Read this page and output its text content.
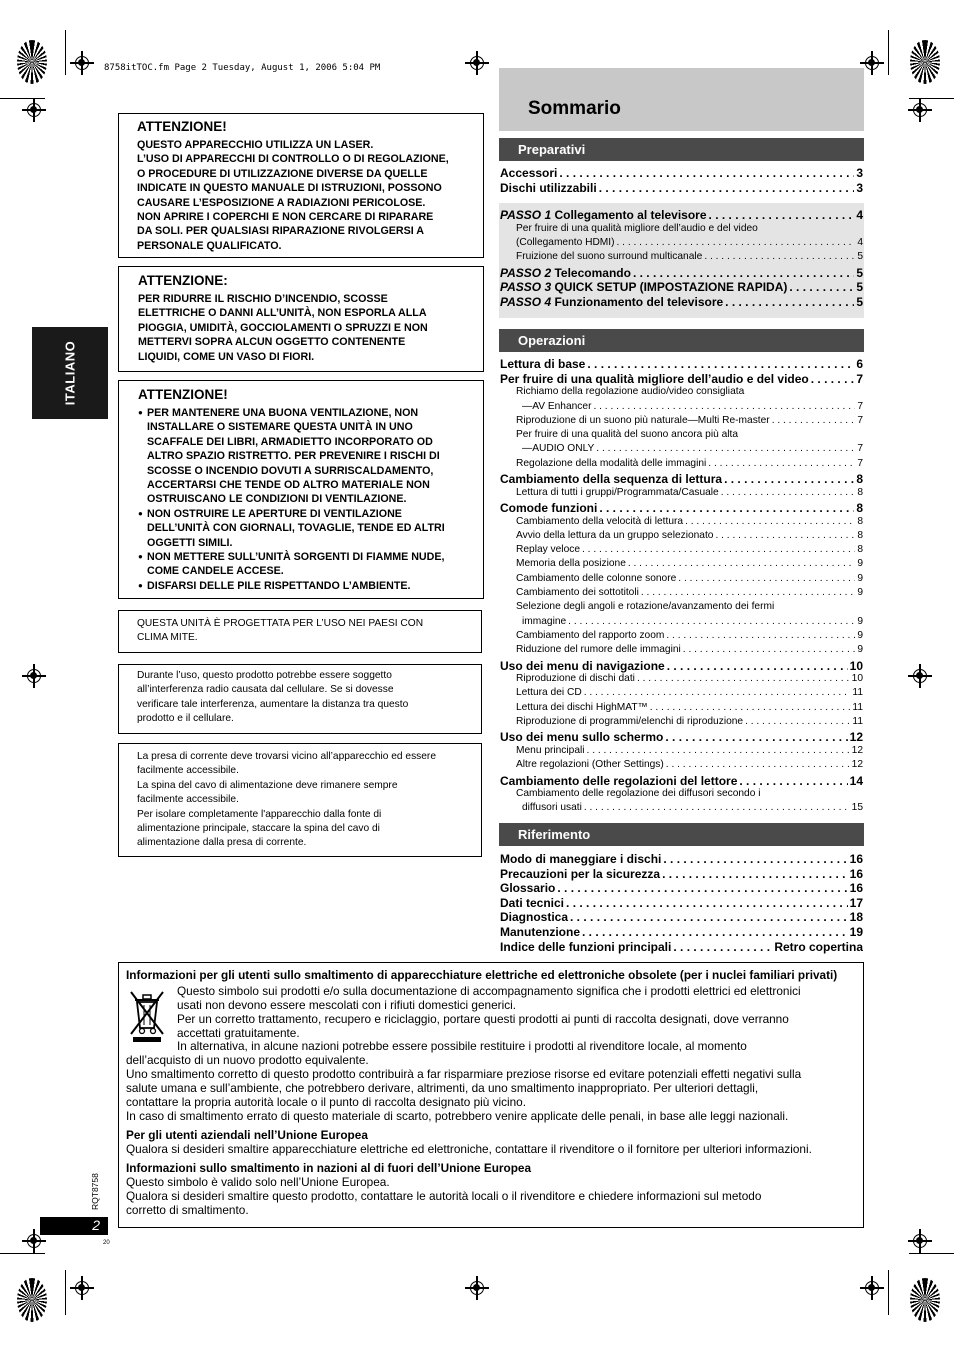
8758itTOC.fm Page 2 Tuesday, August 1, 2006 5:04 PM
ITALIANO
ATTENZIONE!
QUESTO APPARECCHIO UTILIZZA UN LASER.
L’USO DI APPARECCHI DI CONTROLLO O DI REGOLAZIONE,
O PROCEDURE DI UTILIZZAZIONE DIVERSE DA QUELLE
INDICATE IN QUESTO MANUALE DI ISTRUZIONI, POSSONO
CAUSARE L’ESPOSIZIONE A RADIAZIONI PERICOLOSE.
NON APRIRE I COPERCHI E NON CERCARE DI RIPARARE
DA SOLI. PER QUALSIASI RIPARAZIONE RIVOLGERSI A
PERSONALE QUALIFICATO.
ATTENZIONE:
PER RIDURRE IL RISCHIO D’INCENDIO, SCOSSE
ELETTRICHE O DANNI ALL’UNITÀ, NON ESPORLA ALLA
PIOGGIA, UMIDITÀ, GOCCIOLAMENTI O SPRUZZI E NON
METTERVI SOPRA ALCUN OGGETTO CONTENENTE
LIQUIDI, COME UN VASO DI FIORI.
ATTENZIONE!
● PER MANTENERE UNA BUONA VENTILAZIONE, NON
INSTALLARE O SISTEMARE QUESTA UNITÀ IN UNO
SCAFFALE DEI LIBRI, ARMADIETTO INCORPORATO OD
ALTRO SPAZIO RISTRETTO. PER PREVENIRE I RISCHI DI
SCOSSE O INCENDIO DOVUTI A SURRISCALDAMENTO,
ACCERTARSI CHE TENDE OD ALTRO MATERIALE NON
OSTRUISCANO LE CONDIZIONI DI VENTILAZIONE.
● NON OSTRUIRE LE APERTURE DI VENTILAZIONE
DELL’UNITÀ CON GIORNALI, TOVAGLIE, TENDE ED ALTRI
OGGETTI SIMILI.
● NON METTERE SULL’UNITÀ SORGENTI DI FIAMME NUDE,
COME CANDELE ACCESE.
● DISFARSI DELLE PILE RISPETTANDO L’AMBIENTE.
QUESTA UNITÀ È PROGETTATA PER L’USO NEI PAESI CON
CLIMA MITE.
Durante l’uso, questo prodotto potrebbe essere soggetto
all’interferenza radio causata dal cellulare. Se si dovesse
verificare tale interferenza, aumentare la distanza tra questo
prodotto e il cellulare.
La presa di corrente deve trovarsi vicino all’apparecchio ed essere
facilmente accessibile.
La spina del cavo di alimentazione deve rimanere sempre
facilmente accessibile.
Per isolare completamente l'apparecchio dalla fonte di
alimentazione principale, staccare la spina del cavo di
alimentazione dalla presa di corrente.
Sommario
Preparativi
Operazioni
Riferimento
Accessori . . .	3
Dischi utilizzabili . . .	3
PASSO 1 Collegamento al televisore . . .	4
Per fruire di una qualità migliore dell’audio e del video
(Collegamento HDMI) . . .	4
Fruizione del suono surround multicanale . . .	5
PASSO 2 Telecomando . . .	5
PASSO 3 QUICK SETUP (IMPOSTAZIONE RAPIDA) . . .	5
PASSO 4 Funzionamento del televisore . . .	5
Lettura di base . . .	6
Per fruire di una qualità migliore dell’audio e del video . . .	7
Richiamo della regolazione audio/video consigliata
—AV Enhancer . . .	7
Riproduzione di un suono più naturale—Multi Re-master . . .	7
Per fruire di una qualità del suono ancora più alta
—AUDIO ONLY . . .	7
Regolazione della modalità delle immagini . . .	7
Cambiamento della sequenza di lettura . . .	8
Lettura di tutti i gruppi/Programmata/Casuale . . .	8
Comode funzioni . . .	8
Cambiamento della velocità di lettura . . .	8
Avvio della lettura da un gruppo selezionato . . .	8
Replay veloce . . .	8
Memoria della posizione . . .	9
Cambiamento delle colonne sonore . . .	9
Cambiamento dei sottotitoli . . .	9
Selezione degli angoli e rotazione/avanzamento dei fermi
immagine . . .	9
Cambiamento del rapporto zoom . . .	9
Riduzione del rumore delle immagini . . .	9
Uso dei menu di navigazione . . .	10
Riproduzione di dischi dati . . .	10
Lettura dei CD . . .	11
Lettura dei dischi HighMAT™ . . .	11
Riproduzione di programmi/elenchi di riproduzione . . .	11
Uso dei menu sullo schermo . . .	12
Menu principali . . .	12
Altre regolazioni (Other Settings) . . .	12
Cambiamento delle regolazioni del lettore . . .	14
Cambiamento delle regolazione dei diffusori secondo i
diffusori usati . . .	15
Modo di maneggiare i dischi . . .	16
Precauzioni per la sicurezza . . .	16
Glossario . . .	16
Dati tecnici . . .	17
Diagnostica . . .	18
Manutenzione . . .	19
Indice delle funzioni principali . . .	Retro copertina
Informazioni per gli utenti sullo smaltimento di apparecchiature elettriche ed elettroniche obsolete (per i nuclei familiari privati)
Questo simbolo sui prodotti e/o sulla documentazione di accompagnamento significa che i prodotti elettrici ed elettronici
usati non devono essere mescolati con i rifiuti domestici generici.
Per un corretto trattamento, recupero e riciclaggio, portare questi prodotti ai punti di raccolta designati, dove verranno
accettati gratuitamente.
In alternativa, in alcune nazioni potrebbe essere possibile restituire i prodotti al rivenditore locale, al momento
dell’acquisto di un nuovo prodotto equivalente.
Uno smaltimento corretto di questo prodotto contribuirà a far risparmiare preziose risorse ed evitare potenziali effetti negativi sulla
salute umana e sull’ambiente, che potrebbero derivare, altrimenti, da uno smaltimento inappropriato. Per ulteriori dettagli,
contattare la propria autorità locale o il punto di raccolta designato più vicino.
In caso di smaltimento errato di questo materiale di scarto, potrebbero venire applicate delle penali, in base alle leggi nazionali.
Per gli utenti aziendali nell’Unione Europea
Qualora si desideri smaltire apparecchiature elettriche ed elettroniche, contattare il rivenditore o il fornitore per ulteriori informazioni.
Informazioni sullo smaltimento in nazioni al di fuori dell’Unione Europea
Questo simbolo è valido solo nell’Unione Europea.
Qualora si desideri smaltire questo prodotto, contattare le autorità locali o il rivenditore e chiedere informazioni sul metodo
corretto di smaltimento.
RQT8758
2
20
